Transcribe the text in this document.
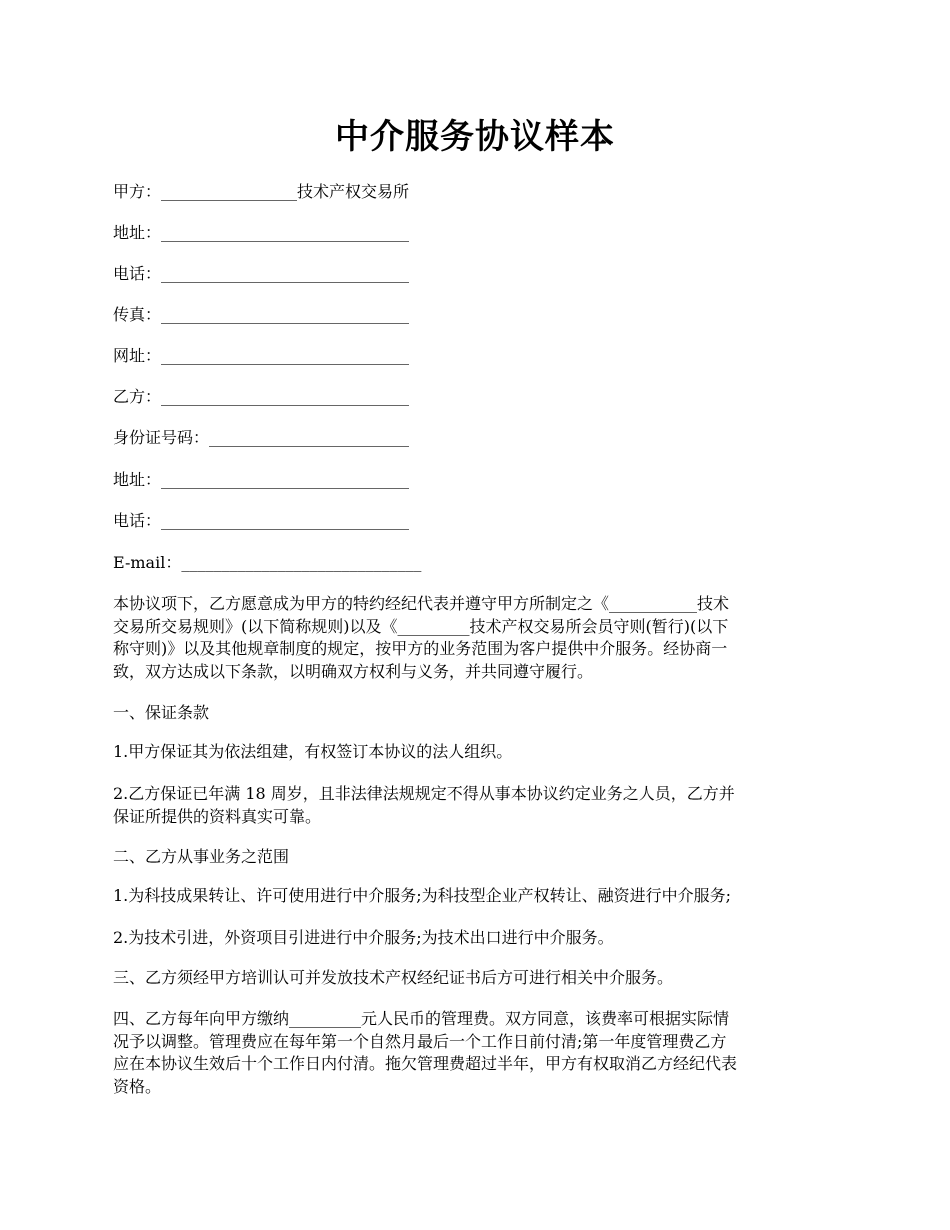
中介服务协议样本
甲方：_________________技术产权交易所
地址：_______________________________
电话：_______________________________
传真：_______________________________
网址：_______________________________
乙方：_______________________________
身份证号码：_________________________
地址：_______________________________
电话：_______________________________
E-mail：______________________________
本协议项下，乙方愿意成为甲方的特约经纪代表并遵守甲方所制定之《___________技术
交易所交易规则》(以下简称规则)以及《_________技术产权交易所会员守则(暂行)(以下
称守则)》以及其他规章制度的规定，按甲方的业务范围为客户提供中介服务。经协商一
致，双方达成以下条款，以明确双方权利与义务，并共同遵守履行。
一、保证条款
1.甲方保证其为依法组建，有权签订本协议的法人组织。
2.乙方保证已年满 18 周岁，且非法律法规规定不得从事本协议约定业务之人员，乙方并
保证所提供的资料真实可靠。
二、乙方从事业务之范围
1.为科技成果转让、许可使用进行中介服务;为科技型企业产权转让、融资进行中介服务;
2.为技术引进，外资项目引进进行中介服务;为技术出口进行中介服务。
三、乙方须经甲方培训认可并发放技术产权经纪证书后方可进行相关中介服务。
四、乙方每年向甲方缴纳_________元人民币的管理费。双方同意，该费率可根据实际情
况予以调整。管理费应在每年第一个自然月最后一个工作日前付清;第一年度管理费乙方
应在本协议生效后十个工作日内付清。拖欠管理费超过半年，甲方有权取消乙方经纪代表
资格。
